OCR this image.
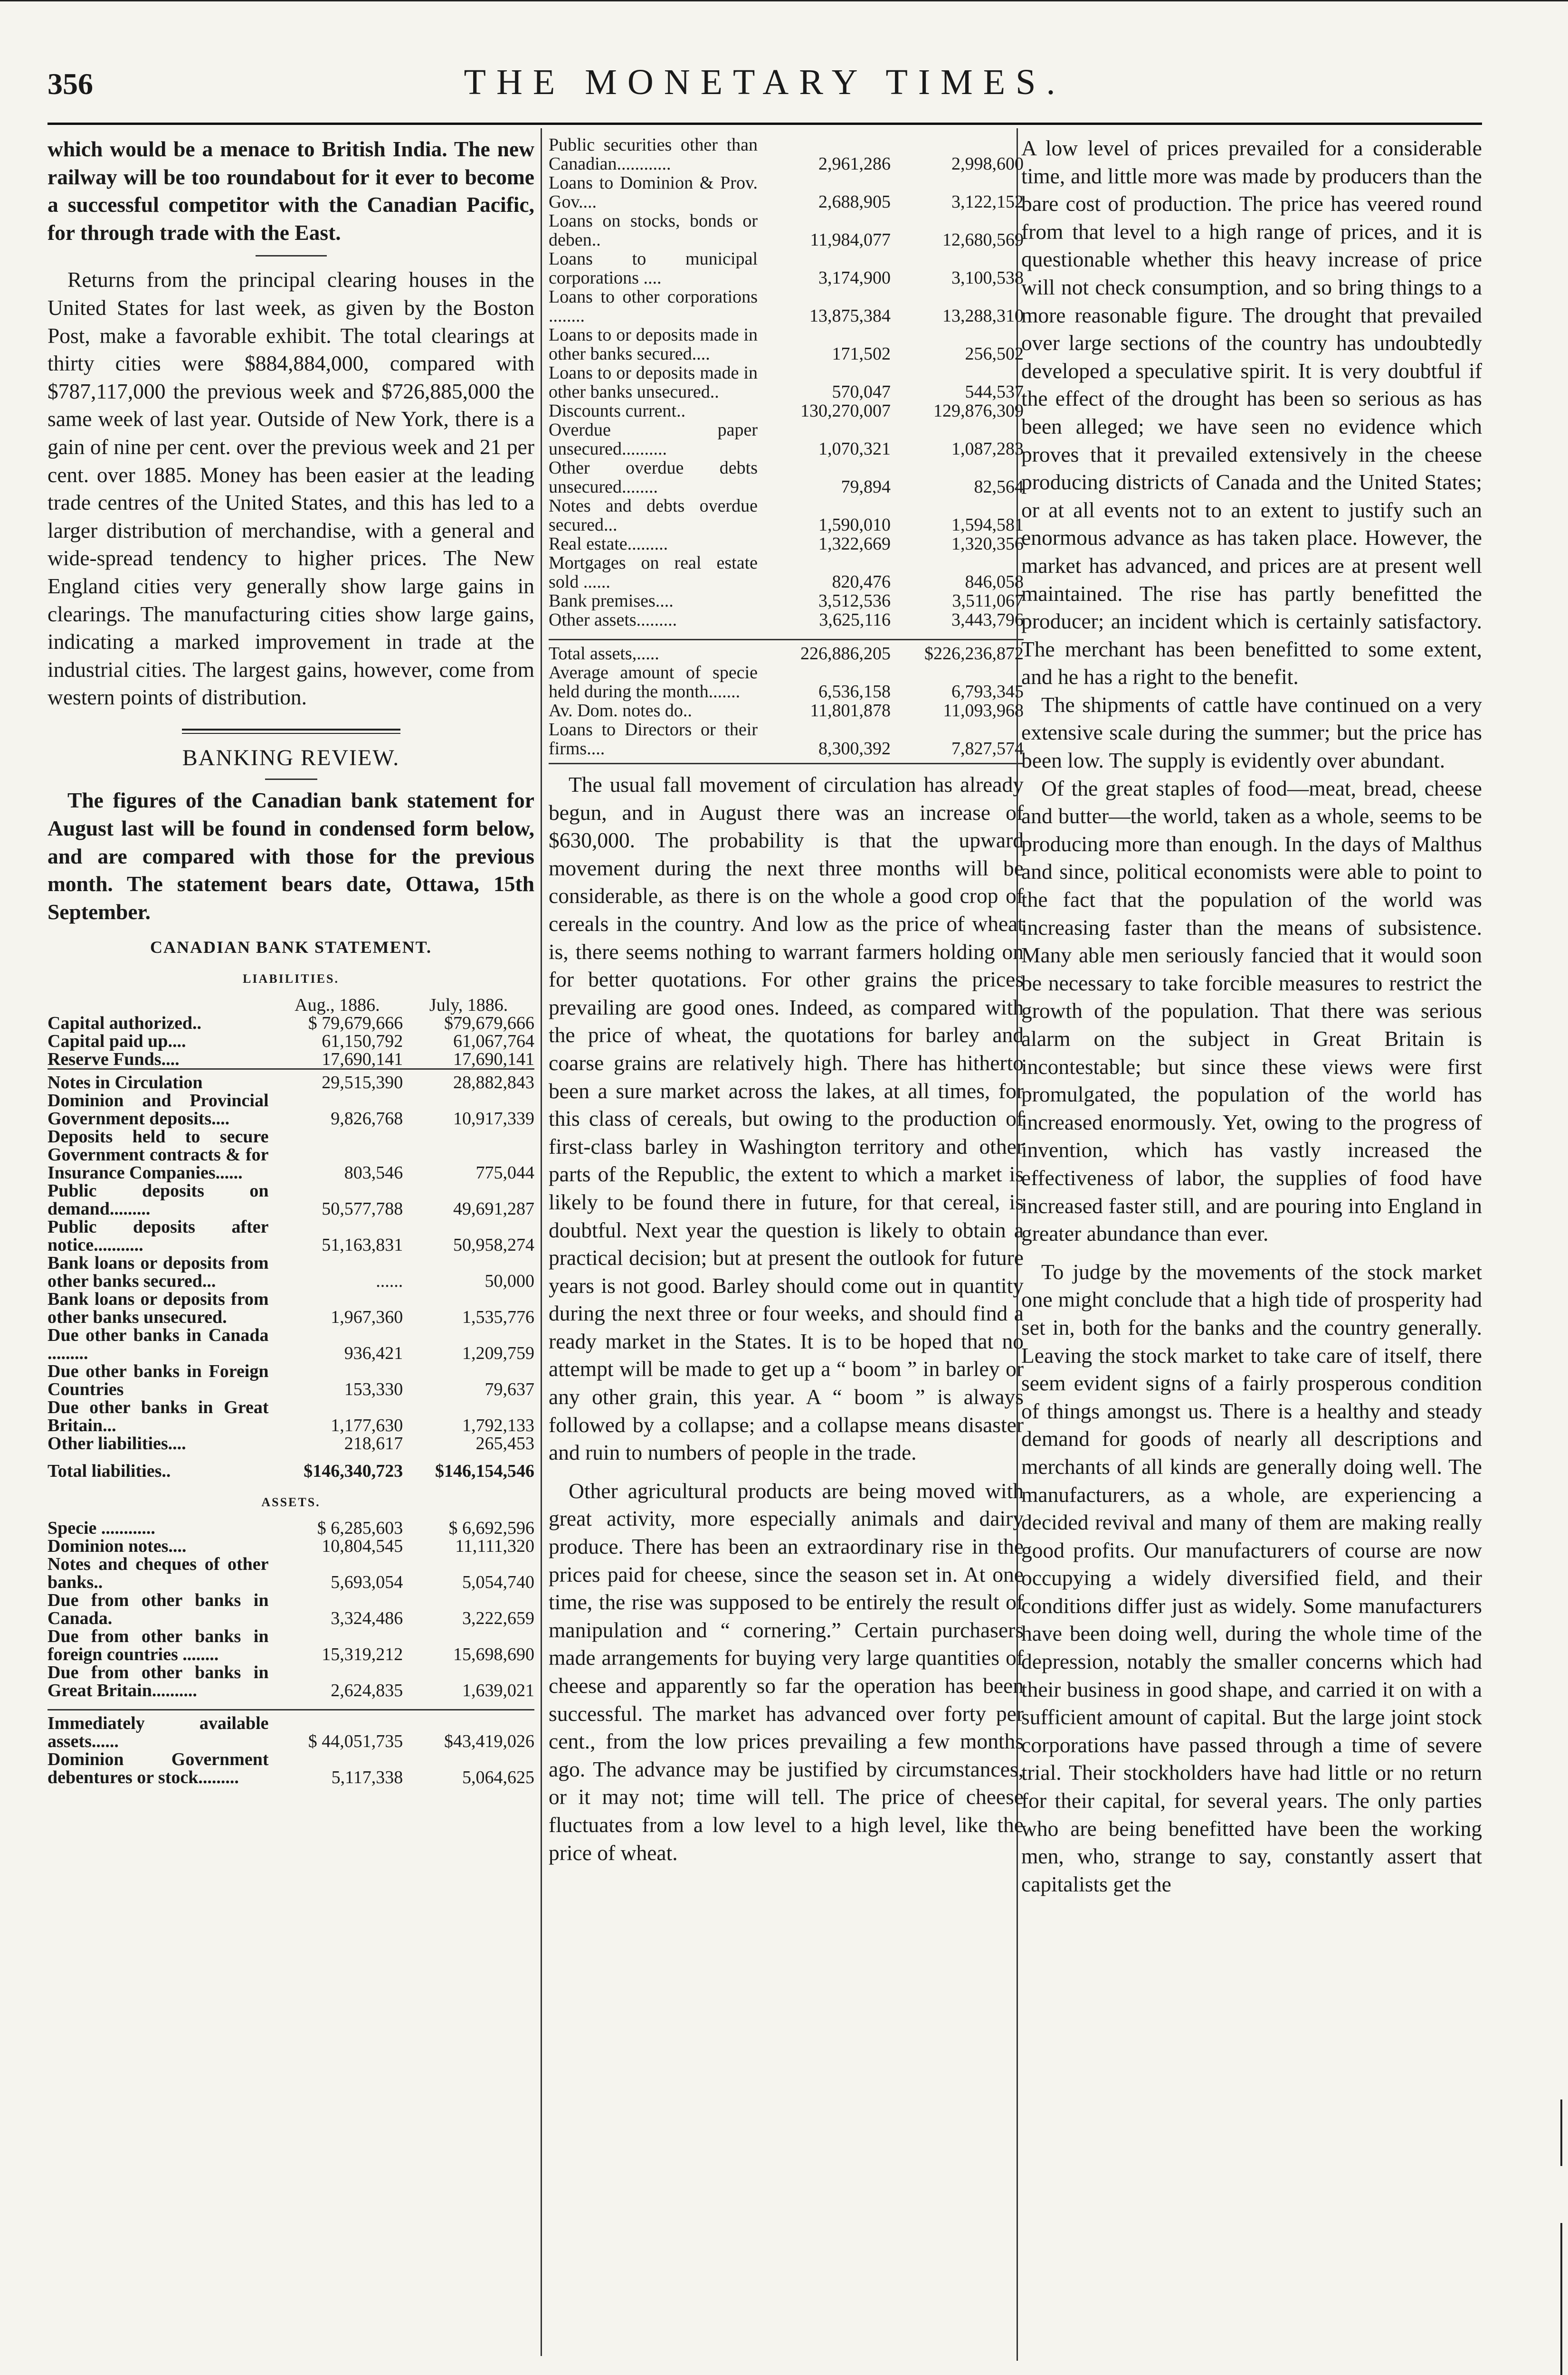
356	THE MONETARY TIMES.

which would be a menace to British India. The new railway will be too roundabout for it ever to become a successful competitor with the Canadian Pacific, for through trade with the East.

Returns from the principal clearing houses in the United States for last week, as given by the Boston Post, make a favorable exhibit. The total clearings at thirty cities were $884,884,000, compared with $787,117,000 the previous week and $726,885,000 the same week of last year. Outside of New York, there is a gain of nine per cent. over the previous week and 21 per cent. over 1885. Money has been easier at the leading trade centres of the United States, and this has led to a larger distribution of merchandise, with a general and wide-spread tendency to higher prices. The New England cities very generally show large gains in clearings. The manufacturing cities show large gains, indicating a marked improvement in trade at the industrial cities. The largest gains, however, come from western points of distribution.

BANKING REVIEW.

The figures of the Canadian bank statement for August last will be found in condensed form below, and are compared with those for the previous month. The statement bears date, Ottawa, 15th September.

CANADIAN BANK STATEMENT.
LIABILITIES.
	Aug., 1886.	July, 1886.
Capital authorized..	$ 79,679,666	$79,679,666
Capital paid up....	61,150,792	61,067,764
Reserve Funds....	17,690,141	17,690,141
Notes in Circulation	29,515,390	28,882,843
Dominion and Provincial Government deposits....	9,826,768	10,917,339
Deposits held to secure Government contracts & for Insurance Companies......	803,546	775,044
Public deposits on demand.........	50,577,788	49,691,287
Public deposits after notice...........	51,163,831	50,958,274
Bank loans or deposits from other banks secured...	......	50,000
Bank loans or deposits from other banks unsecured.	1,967,360	1,535,776
Due other banks in Canada .........	936,421	1,209,759
Due other banks in Foreign Countries	153,330	79,637
Due other banks in Great Britain...	1,177,630	1,792,133
Other liabilities....	218,617	265,453

Total liabilities..	$146,340,723	$146,154,546
ASSETS.
Specie ............	$ 6,285,603	$ 6,692,596
Dominion notes....	10,804,545	11,111,320
Notes and cheques of other banks..	5,693,054	5,054,740
Due from other banks in Canada.	3,324,486	3,222,659
Due from other banks in foreign countries ........	15,319,212	15,698,690
Due from other banks in Great Britain..........	2,624,835	1,639,021

Immediately available assets......	$ 44,051,735	$43,419,026
Dominion Government debentures or stock.........	5,117,338	5,064,625
Public securities other than Canadian............	2,961,286	2,998,600
Loans to Dominion & Prov. Gov....	2,688,905	3,122,152
Loans on stocks, bonds or deben..	11,984,077	12,680,569
Loans to municipal corporations ....	3,174,900	3,100,538
Loans to other corporations ........	13,875,384	13,288,310
Loans to or deposits made in other banks secured....	171,502	256,502
Loans to or deposits made in other banks unsecured..	570,047	544,537
Discounts current..	130,270,007	129,876,309
Overdue paper unsecured..........	1,070,321	1,087,283
Other overdue debts unsecured........	79,894	82,564
Notes and debts overdue secured...	1,590,010	1,594,581
Real estate.........	1,322,669	1,320,356
Mortgages on real estate sold ......	820,476	846,058
Bank premises....	3,512,536	3,511,067
Other assets.........	3,625,116	3,443,796

Total assets,.....	226,886,205	$226,236,872
Average amount of specie held during the month.......	6,536,158	6,793,345
Av. Dom. notes do..	11,801,878	11,093,968
Loans to Directors or their firms....	8,300,392	7,827,574

The usual fall movement of circulation has already begun, and in August there was an increase of $630,000. The probability is that the upward movement during the next three months will be considerable, as there is on the whole a good crop of cereals in the country. And low as the price of wheat is, there seems nothing to warrant farmers holding on for better quotations. For other grains the prices prevailing are good ones. Indeed, as compared with the price of wheat, the quotations for barley and coarse grains are relatively high. There has hitherto been a sure market across the lakes, at all times, for this class of cereals, but owing to the production of first-class barley in Washington territory and other parts of the Republic, the extent to which a market is likely to be found there in future, for that cereal, is doubtful. Next year the question is likely to obtain a practical decision; but at present the outlook for future years is not good. Barley should come out in quantity during the next three or four weeks, and should find a ready market in the States. It is to be hoped that no attempt will be made to get up a “ boom ” in barley or any other grain, this year. A “ boom ” is always followed by a collapse; and a collapse means disaster and ruin to numbers of people in the trade.

Other agricultural products are being moved with great activity, more especially animals and dairy produce. There has been an extraordinary rise in the prices paid for cheese, since the season set in. At one time, the rise was supposed to be entirely the result of manipulation and “ cornering.” Certain purchasers made arrangements for buying very large quantities of cheese and apparently so far the operation has been successful. The market has advanced over forty per cent., from the low prices prevailing a few months ago. The advance may be justified by circumstances, or it may not; time will tell. The price of cheese fluctuates from a low level to a high level, like the price of wheat.

A low level of prices prevailed for a considerable time, and little more was made by producers than the bare cost of production. The price has veered round from that level to a high range of prices, and it is questionable whether this heavy increase of price will not check consumption, and so bring things to a more reasonable figure. The drought that prevailed over large sections of the country has undoubtedly developed a speculative spirit. It is very doubtful if the effect of the drought has been so serious as has been alleged; we have seen no evidence which proves that it prevailed extensively in the cheese producing districts of Canada and the United States; or at all events not to an extent to justify such an enormous advance as has taken place. However, the market has advanced, and prices are at present well maintained. The rise has partly benefitted the producer; an incident which is certainly satisfactory. The merchant has been benefitted to some extent, and he has a right to the benefit.

The shipments of cattle have continued on a very extensive scale during the summer; but the price has been low. The supply is evidently over abundant.

Of the great staples of food—meat, bread, cheese and butter—the world, taken as a whole, seems to be producing more than enough. In the days of Malthus and since, political economists were able to point to the fact that the population of the world was increasing faster than the means of subsistence. Many able men seriously fancied that it would soon be necessary to take forcible measures to restrict the growth of the population. That there was serious alarm on the subject in Great Britain is incontestable; but since these views were first promulgated, the population of the world has increased enormously. Yet, owing to the progress of invention, which has vastly increased the effectiveness of labor, the supplies of food have increased faster still, and are pouring into England in greater abundance than ever.

To judge by the movements of the stock market one might conclude that a high tide of prosperity had set in, both for the banks and the country generally. Leaving the stock market to take care of itself, there seem evident signs of a fairly prosperous condition of things amongst us. There is a healthy and steady demand for goods of nearly all descriptions and merchants of all kinds are generally doing well. The manufacturers, as a whole, are experiencing a decided revival and many of them are making really good profits. Our manufacturers of course are now occupying a widely diversified field, and their conditions differ just as widely. Some manufacturers have been doing well, during the whole time of the depression, notably the smaller concerns which had their business in good shape, and carried it on with a sufficient amount of capital. But the large joint stock corporations have passed through a time of severe trial. Their stockholders have had little or no return for their capital, for several years. The only parties who are being benefitted have been the working men, who, strange to say, constantly assert that capitalists get the
